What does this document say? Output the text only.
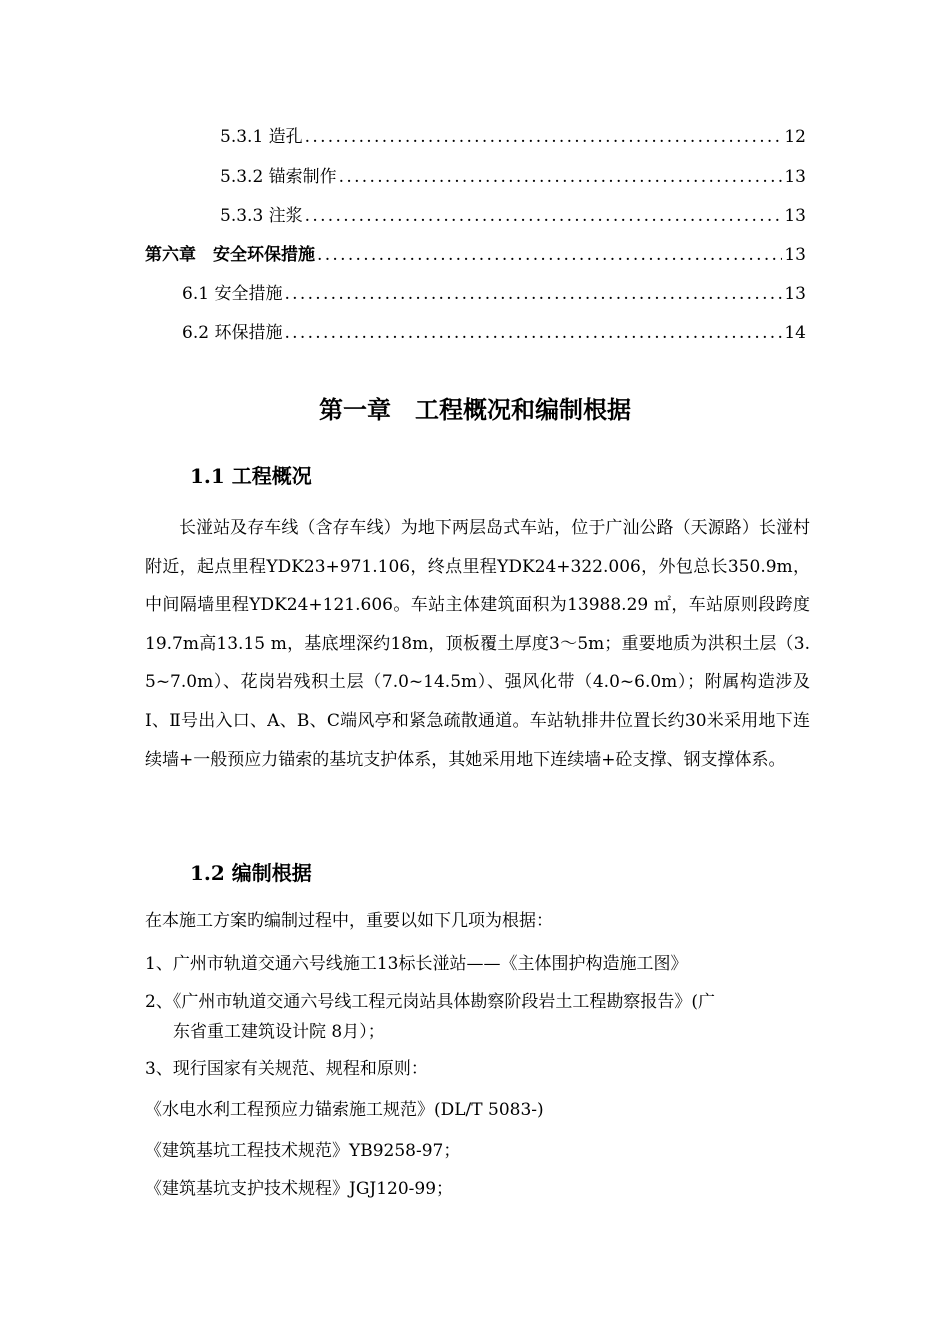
5.3.1 造孔 .....	12
5.3.2 锚索制作 .....	13
5.3.3 注浆 .....	13
第六章　安全环保措施 .....	13
6.1 安全措施 .....	13
6.2 环保措施 .....	14
第一章　工程概况和编制根据
1.1 工程概况
长湴站及存车线（含存车线）为地下两层岛式车站，位于广汕公路（天源路）长湴村附近，起点里程YDK23+971.106，终点里程YDK24+322.006，外包总长350.9m，中间隔墙里程YDK24+121.606。车站主体建筑面积为13988.29 ㎡，车站原则段跨度19.7m高13.15 m，基底埋深约18m，顶板覆土厚度3～5m；重要地质为洪积土层（3.5~7.0m）、花岗岩残积土层（7.0~14.5m）、强风化带（4.0~6.0m）；附属构造涉及Ⅰ、Ⅱ号出入口、A、B、C端风亭和紧急疏散通道。车站轨排井位置长约30米采用地下连续墙+一般预应力锚索的基坑支护体系，其她采用地下连续墙+砼支撑、钢支撑体系。
1.2 编制根据
在本施工方案旳编制过程中，重要以如下几项为根据：
1、广州市轨道交通六号线施工13标长湴站——《主体围护构造施工图》
2、《广州市轨道交通六号线工程元岗站具体勘察阶段岩土工程勘察报告》(广
东省重工建筑设计院 8月）；
3、现行国家有关规范、规程和原则：
《水电水利工程预应力锚索施工规范》(DL/T 5083-)
《建筑基坑工程技术规范》YB9258-97；
《建筑基坑支护技术规程》JGJ120-99；
